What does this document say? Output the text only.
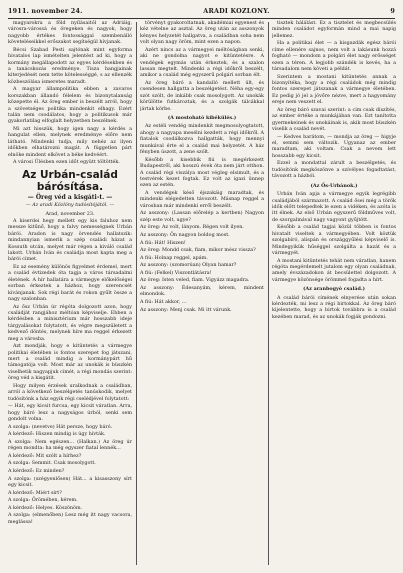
1911. november 24.	ARADI KOZLONY.	9

magyarokra a föld nyílásaitól az Adriáig, városra-várossá és öregeken és nagyok, hogy nagyobb értékes fontossággal szembenálló követeléseikkel erőszakot segítségül hívjanak.

Bécsi Szabad Pesti sajtónak mint egyforma hivatalos lap ismételten jelentést ad ki, hogy a kormány megállapodott az egyes kérdésekben és a tanácskozás eredménye. Tisza hangjainak kiterjedését nem tette kötelességgé, s az ellenzék közbeszólása ismeretes maradt.

A magyar állampolitika ebben a zavaros korszakban állandó félelem és bizonytalanság közepette él. Az öreg ember is beszélt arról, hogy a szövetséges politika mindenkit elhagy. Ezért talán nem csodálatos, hogy a politikusok már gyakorlatilag elfoglalt helyzetben beszélnek.

Mi azt hisszük, hogy igen nagy a kérdés a hangulat ellen, melynek eredménye előre nem látható. Mindenki tudja, mily nehéz az ilyen időkben elhatározni magát. A független párt elnöke mindent elkövet a béke kedvéért.

A városi Ülésben ezen időt együtt töltötték.

Az Urbán-család bárósítása.
— Öreg véd a kisgáti-t. —
— Az aradi Közlöny tudósítójától. —
Arad, november 23.

A kiserdei hegy mellett egy kis faluhoz nem messze kitűnő, hogy a falvy nemességnek Urbán bárói. Aradon is nagy örvendés hallatszik: mindannyian ismerik a szép családi házat a Kossuth utcán, melyet már régen a kiváló család lakott. Urbán Iván és családja most kapta meg a bárói címet.

Ez az esemény különös figyelmet érdemel, mert a család évtizedek óta tagja a város társadalmi életének. A hír hallatára a vármegye előkelőségei sorban érkeztek a házhoz, hogy szerencsét kívánjanak. Sok régi barát és rokon gyűlt össze a nagy szalonban.

Az ősz Urbán úr régóta dolgozott azon, hogy családját rangjához méltóan képviselje. Ebben a kérdésben a minisztérium már hosszabb ideje tárgyalásokat folytatott, és végre megszületett a kedvező döntés, melynek híre ma reggel érkezett meg a városba.

Azt mondják, hogy e kitüntetés a vármegye politikai életében is fontos szerepet fog játszani, mert a család mindig a kormánypárt hű támogatója volt. Most már az unokák is büszkén viselhetik nagyapjuk címét, a régi mondás szerint: öreg véd a kisgátit.

Hogy milyen érzések uralkodnak a családban, arról a következő beszélgetés tanúskodik, melyet tudósítónk a ház egyik régi cselédjével folytatott:

— Hát, egy kicsit furcsa, egy kicsit váratlan. Arra, hogy báró lesz a nagyságos úrból, senki sem gondolt volna.

A szolga: (nevetve) Hát persze, hogy báró.

A kérdező: Hiszen mindig is úgy hívták.

A szolga: Nem egészen... (Halkan.) Az öreg úr régen mondta: ha még egyszer fiatal lennék...

A kérdező: Mit szólt a hírhez?

A szolga: Semmit. Csak mosolygott.

A kérdező: Ez minden?

A szolga: (szégyenlősen) Hát... a kisasszony sírt egy kicsit.

A kérdező: Miért sírt?

A szolga: Örömében, kérem.

A kérdező: Helyes. Köszönöm.

A szolga: (elmenőben) Lesz még itt nagy vacsora, meglássa!

törvényt gyakoroltatnak, akadémiai egyenest és kéz vételne az asztal. Az öreg után az asszonyok kényes helyzetét hallgatva, a családban soha nem volt olyan nagy öröm, mint ezen a napon.

Azért nincs az a vármegyei méltóságban senki, aki ne gondolna nagyot e kitüntetésre. A vendégek egymás után érkeztek, és a szalon lassan megtelt. Mindenki a régi időkről beszélt, amikor a család még egyszerű polgári sorban élt.

Az öreg báró a kandalló mellett ült, és csendesen hallgatta a beszélgetést. Néha egy-egy szót szólt, de inkább csak mosolygott. Az unokák körülötte futkároztak, és a szolgák tálcákkal jártak körbe.

(A mostoható kibékülés.)

Az estéli vendég mindenkit megmosolyogtatott, ahogy a nagyapa mesélni kezdett a régi időkről. A fiatalok csodálkozva hallgatták, hogy mennyi munkával érte el a család mai helyzetét. A ház fényben úszott, a zene szólt.

Később a kisebbik fiú is megérkezett Budapestről, aki hosszú évek óta nem járt otthon. A család régi viszálya most végleg elsimult, és a testvérek kezet fogtak. Ez volt az igazi ünnep ezen az estén.

A vendégek késő éjszakáig maradtak, és mindenki elégedetten távozott. Másnap reggel a városban már mindenki erről beszélt.

Az asszony: (Lassan előrelép a kertben) Nagyon szép este volt, ugye?

Az öreg: Az volt, lányom. Régen volt ilyen.

Az asszony: Ön nagyon boldog most.

A fiú: Hát! Hiszen!

Az öreg: Mondd csak, fiam, mikor mész vissza?

A fiú: Holnap reggel, apám.

Az asszony: (szomorúan) Olyan hamar?

A fiú: (Felkel) Viszontlátásra!

Az öreg: Isten veled, fiam. Vigyázz magadra.

Az asszony: Édesanyám, kérem, mindent elmondok.

A fiú: Hát akkor, ...

Az asszony: Menj csak. Mi itt várunk.

tisztek hálálást. Ez a tisztelet és megbecsülés minden családot egyformán mind a mai napig jellemez.

Ha a politikai élet — a kisgazdák egész bárói címe ellenére sajnos, nem volt a lakásunk hozzá fogható — mondom a polgári élet nagy erősséget ezen a téren. A legjobb szándék is kevés, ha a társadalom nem követi a példát.

Szerintem a mostani kitüntetés annak a bizonyítéka, hogy a régi családok még mindig fontos szerepet játszanak a vármegye életében. Ez pedig jó jel a jövőre nézve, mert a hagyomány ereje nem veszett el.

Az öreg báró szavai szerint: a cím csak díszítés, az ember értéke a munkájában van. Ezt tanította gyermekeinek és unokáinak is, akik most büszkén viselik a család nevét.

— Kedves barátom, — mondja az öreg — higyje el, semmi sem változik. Ugyanaz az ember maradtam, aki voltam. Csak a nevem lett hosszabb egy kicsit.

Ezzel a mondattal zárult a beszélgetés, és tudósítónk megköszönve a szívélyes fogadtatást, távozott a házból.

(Az Ős-Urbánok.)

Urbán Iván apja a vármegye egyik legrégibb családjából származott. A család ősei még a török idők előtt telepedtek le ezen a vidéken, és azóta is itt élnek. Az első Urbán egyszerű földműves volt, de szorgalmával nagy vagyont gyűjtött.

Később a család tagjai közül többen is fontos hivatalt viseltek a vármegyében. Volt köztük szolgabíró, alispán és országgyűlési képviselő is. Mindegyikük hűséggel szolgálta a hazát és a vármegyét.

A mostani kitüntetés tehát nem váratlan, hanem régóta megérdemelt jutalom egy olyan családnak, amely évszázadokon át becsülettel dolgozott. A vármegye közönsége örömmel fogadta a hírt.

(Az aranbogyó család.)

A család bárói címének elnyerése után sokan kérdezték, mi lesz a régi birtokkal. Az öreg báró kijelentette, hogy a birtok továbbra is a család kezében marad, és az unokák fogják gondozni.
